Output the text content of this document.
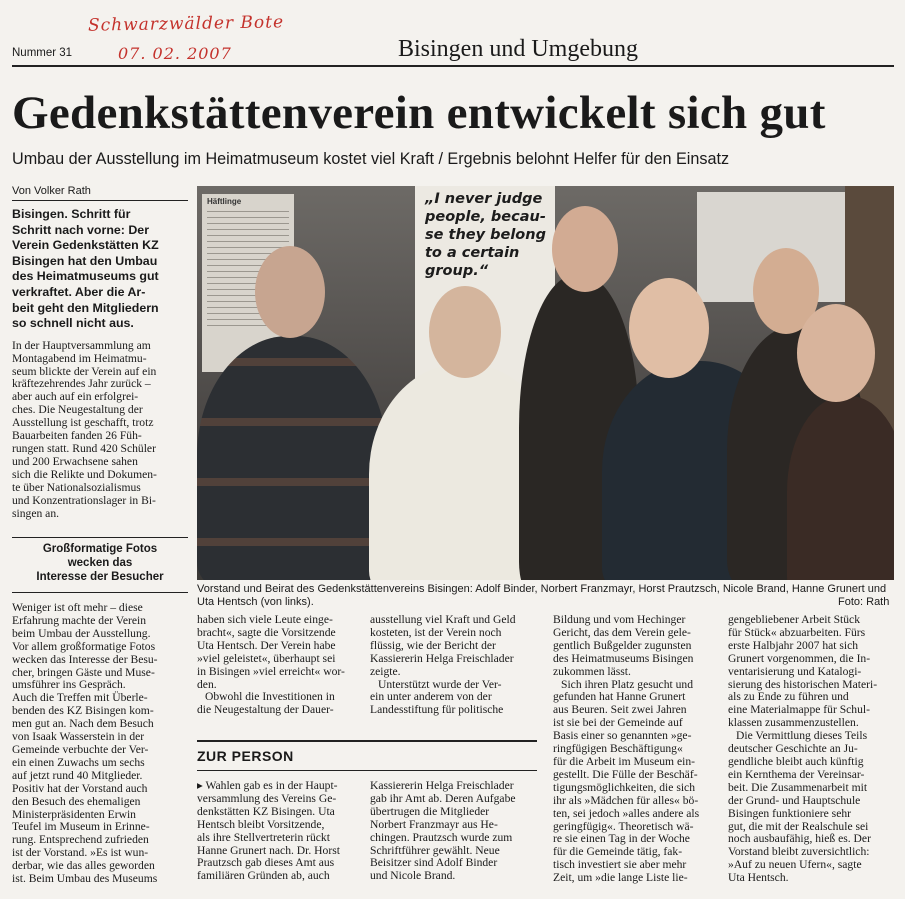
Schwarzwälder Bote
07. 02. 2007
Nummer 31	Bisingen und Umgebung
Gedenkstättenverein entwickelt sich gut
Umbau der Ausstellung im Heimatmuseum kostet viel Kraft / Ergebnis belohnt Helfer für den Einsatz
Von Volker Rath
Bisingen. Schritt für
Schritt nach vorne: Der
Verein Gedenkstätten KZ
Bisingen hat den Umbau
des Heimatmuseums gut
verkraftet. Aber die Ar-
beit geht den Mitgliedern
so schnell nicht aus.
In der Hauptversammlung am
Montagabend im Heimatmu-
seum blickte der Verein auf ein
kräftezehrendes Jahr zurück –
aber auch auf ein erfolgrei-
ches. Die Neugestaltung der
Ausstellung ist geschafft, trotz
Bauarbeiten fanden 26 Füh-
rungen statt. Rund 420 Schüler
und 200 Erwachsene sahen
sich die Relikte und Dokumen-
te über Nationalsozialismus
und Konzentrationslager in Bi-
singen an.
Großformatige Fotos
wecken das
Interesse der Besucher
Weniger ist oft mehr – diese
Erfahrung machte der Verein
beim Umbau der Ausstellung.
Vor allem großformatige Fotos
wecken das Interesse der Besu-
cher, bringen Gäste und Muse-
umsführer ins Gespräch.
Auch die Treffen mit Überle-
benden des KZ Bisingen kom-
men gut an. Nach dem Besuch
von Isaak Wasserstein in der
Gemeinde verbuchte der Ver-
ein einen Zuwachs um sechs
auf jetzt rund 40 Mitglieder.
Positiv hat der Vorstand auch
den Besuch des ehemaligen
Ministerpräsidenten Erwin
Teufel im Museum in Erinne-
rung. Entsprechend zufrieden
ist der Vorstand. »Es ist wun-
derbar, wie das alles geworden
ist. Beim Umbau des Museums
Häftlinge	„I never judge
people, becau-
se they belong
to a certain
group.“
Vorstand und Beirat des Gedenkstättenvereins Bisingen: Adolf Binder, Norbert Franzmayr, Horst Prautzsch, Nicole Brand, Hanne Grunert und Uta Hentsch (von links).	Foto: Rath
haben sich viele Leute einge-
bracht«, sagte die Vorsitzende
Uta Hentsch. Der Verein habe
»viel geleistet«, überhaupt sei
in Bisingen »viel erreicht« wor-
den.
Obwohl die Investitionen in
die Neugestaltung der Dauer-
ausstellung viel Kraft und Geld
kosteten, ist der Verein noch
flüssig, wie der Bericht der
Kassiererin Helga Freischlader
zeigte.
Unterstützt wurde der Ver-
ein unter anderem von der
Landesstiftung für politische
ZUR PERSON
▸ Wahlen gab es in der Haupt-
versammlung des Vereins Ge-
denkstätten KZ Bisingen. Uta
Hentsch bleibt Vorsitzende,
als ihre Stellvertreterin rückt
Hanne Grunert nach. Dr. Horst
Prautzsch gab dieses Amt aus
familiären Gründen ab, auch
Kassiererin Helga Freischlader
gab ihr Amt ab. Deren Aufgabe
übertrugen die Mitglieder
Norbert Franzmayr aus He-
chingen. Prautzsch wurde zum
Schriftführer gewählt. Neue
Beisitzer sind Adolf Binder
und Nicole Brand.
Bildung und vom Hechinger
Gericht, das dem Verein gele-
gentlich Bußgelder zugunsten
des Heimatmuseums Bisingen
zukommen lässt.
Sich ihren Platz gesucht und
gefunden hat Hanne Grunert
aus Beuren. Seit zwei Jahren
ist sie bei der Gemeinde auf
Basis einer so genannten »ge-
ringfügigen Beschäftigung«
für die Arbeit im Museum ein-
gestellt. Die Fülle der Beschäf-
tigungsmöglichkeiten, die sich
ihr als »Mädchen für alles« bö-
ten, sei jedoch »alles andere als
geringfügig«. Theoretisch wä-
re sie einen Tag in der Woche
für die Gemeinde tätig, fak-
tisch investiert sie aber mehr
Zeit, um »die lange Liste lie-
gengebliebener Arbeit Stück
für Stück« abzuarbeiten. Fürs
erste Halbjahr 2007 hat sich
Grunert vorgenommen, die In-
ventarisierung und Katalogi-
sierung des historischen Materi-
als zu Ende zu führen und
eine Materialmappe für Schul-
klassen zusammenzustellen.
Die Vermittlung dieses Teils
deutscher Geschichte an Ju-
gendliche bleibt auch künftig
ein Kernthema der Vereinsar-
beit. Die Zusammenarbeit mit
der Grund- und Hauptschule
Bisingen funktioniere sehr
gut, die mit der Realschule sei
noch ausbaufähig, hieß es. Der
Vorstand bleibt zuversichtlich:
»Auf zu neuen Ufern«, sagte
Uta Hentsch.
